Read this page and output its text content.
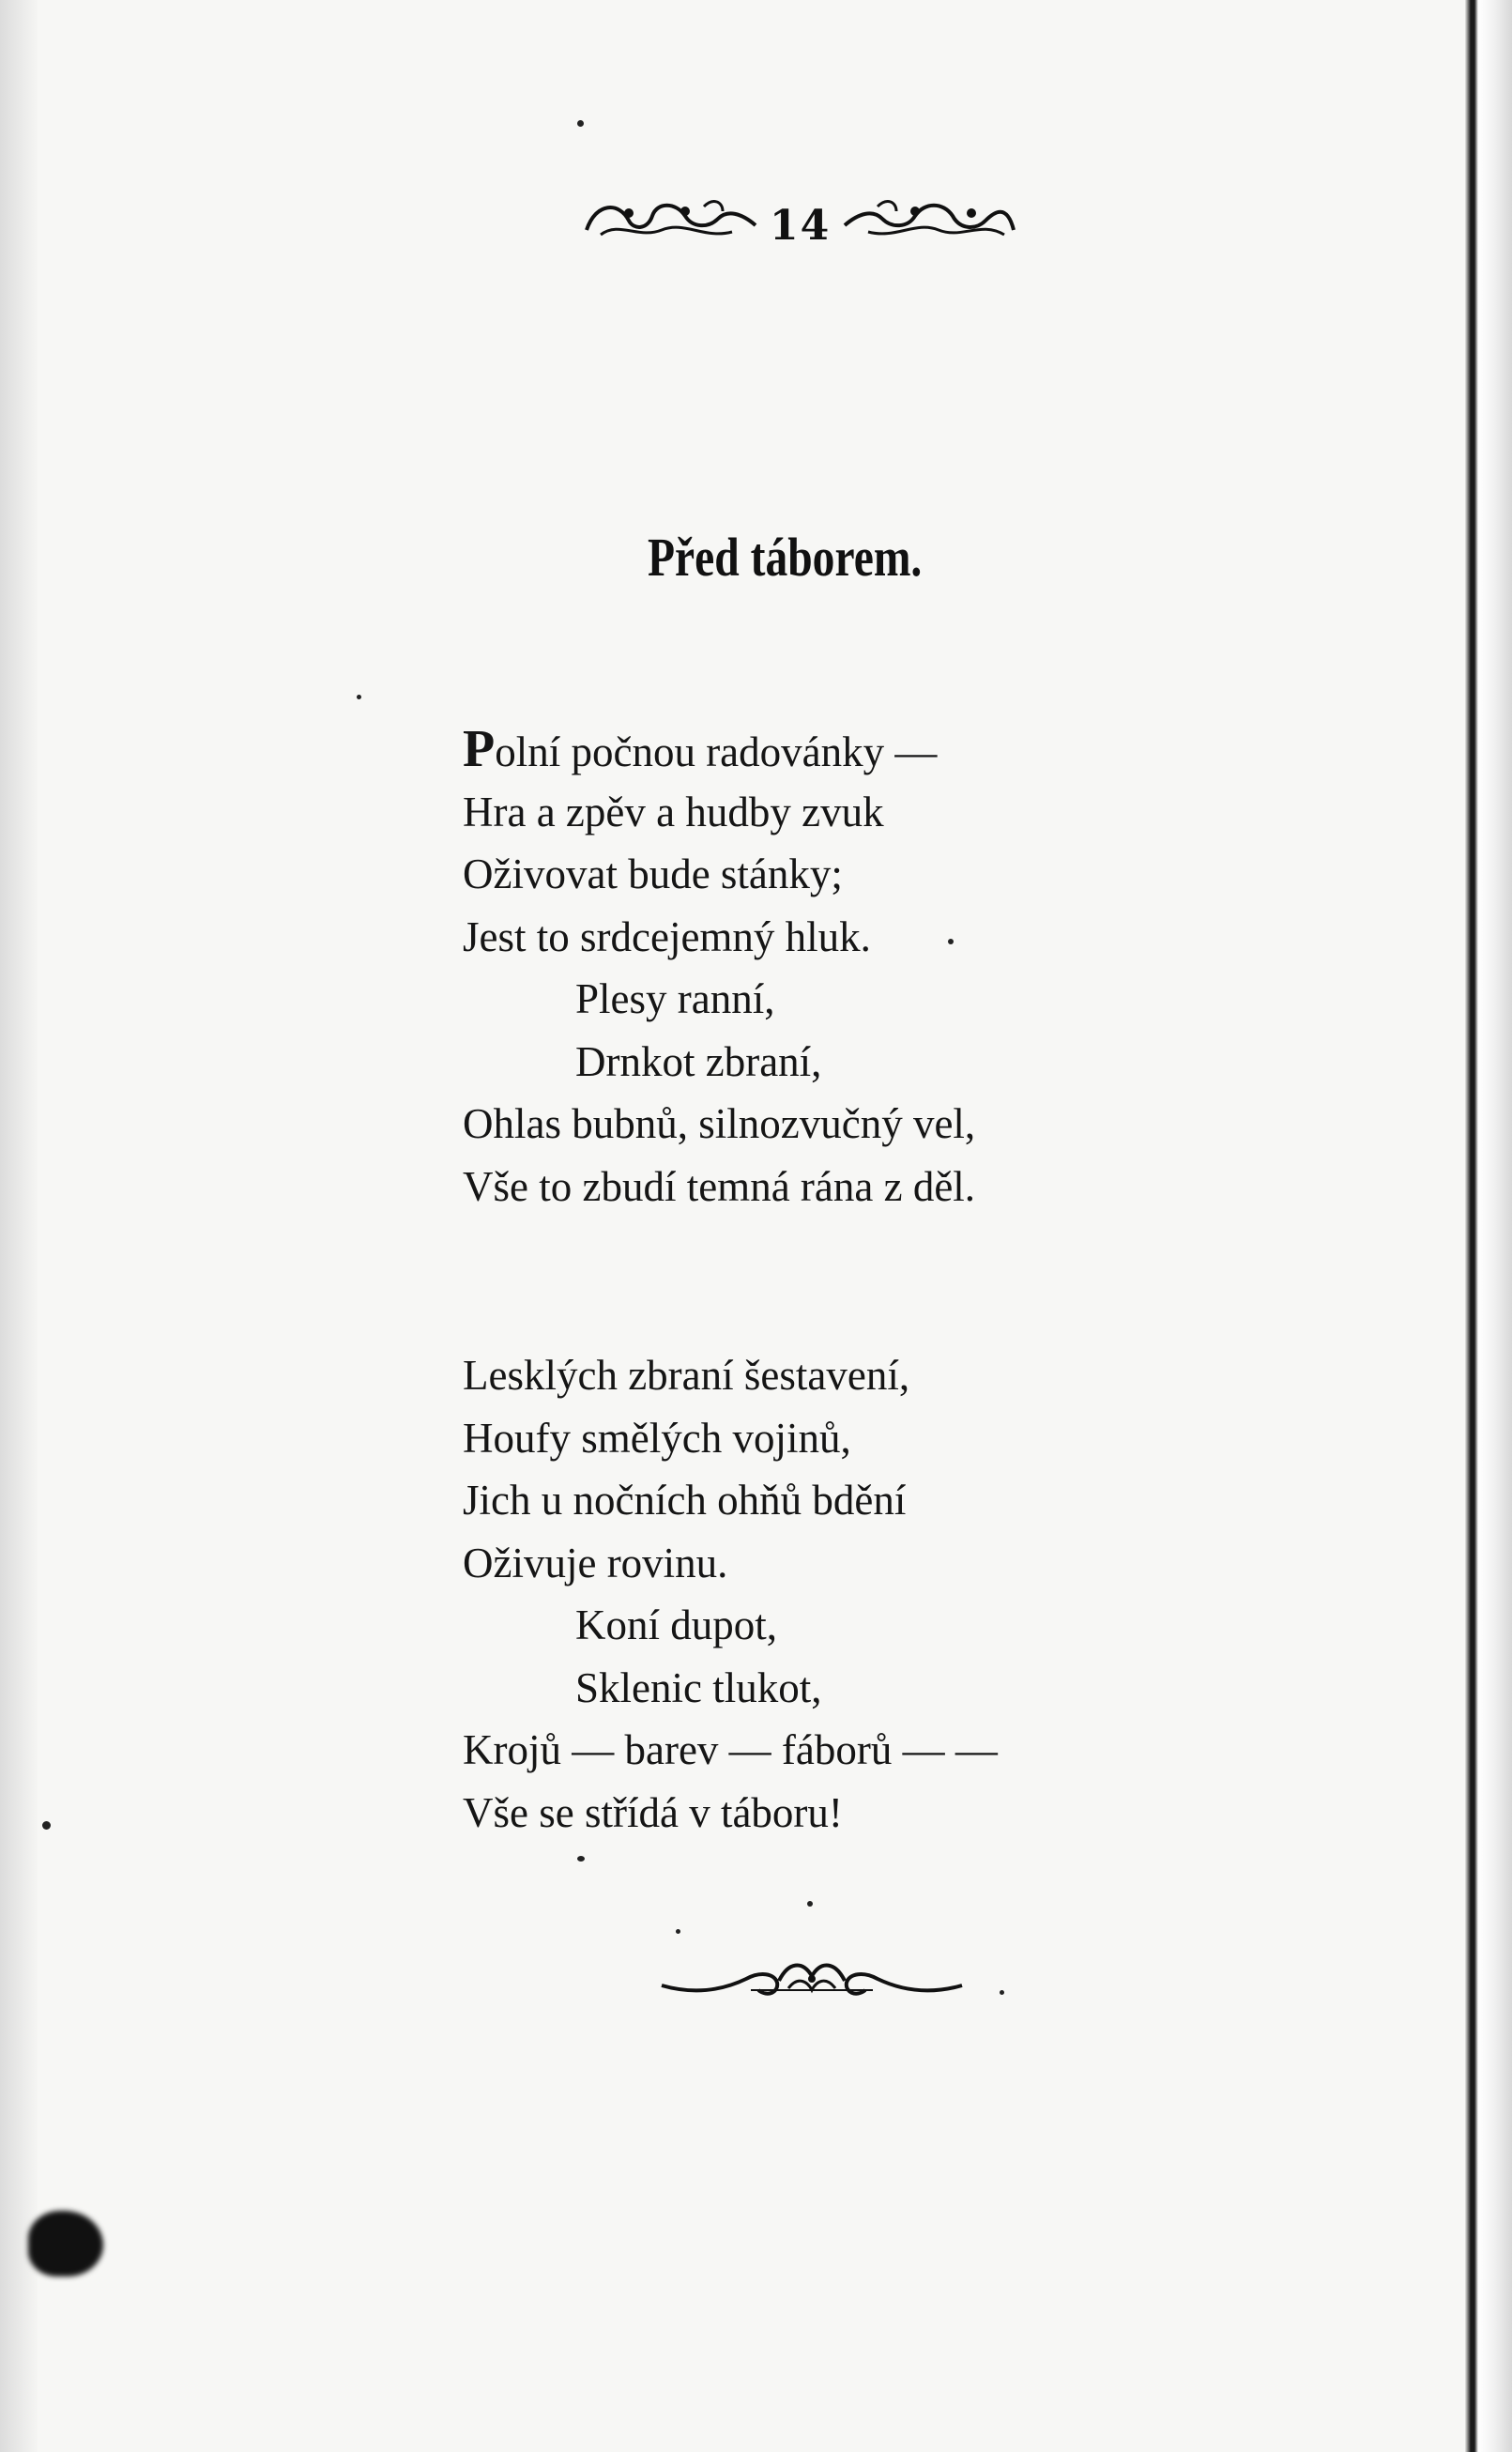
14
Před táborem.
Polní počnou radovánky —
Hra a zpěv a hudby zvuk
Oživovat bude stánky;
Jest to srdcejemný hluk.
Plesy ranní,
Drnkot zbraní,
Ohlas bubnů, silnozvučný vel,
Vše to zbudí temná rána z děl.
Lesklých zbraní šestavení,
Houfy smělých vojinů,
Jich u nočních ohňů bdění
Oživuje rovinu.
Koní dupot,
Sklenic tlukot,
Krojů — barev — fáborů — —
Vše se střídá v táboru!
